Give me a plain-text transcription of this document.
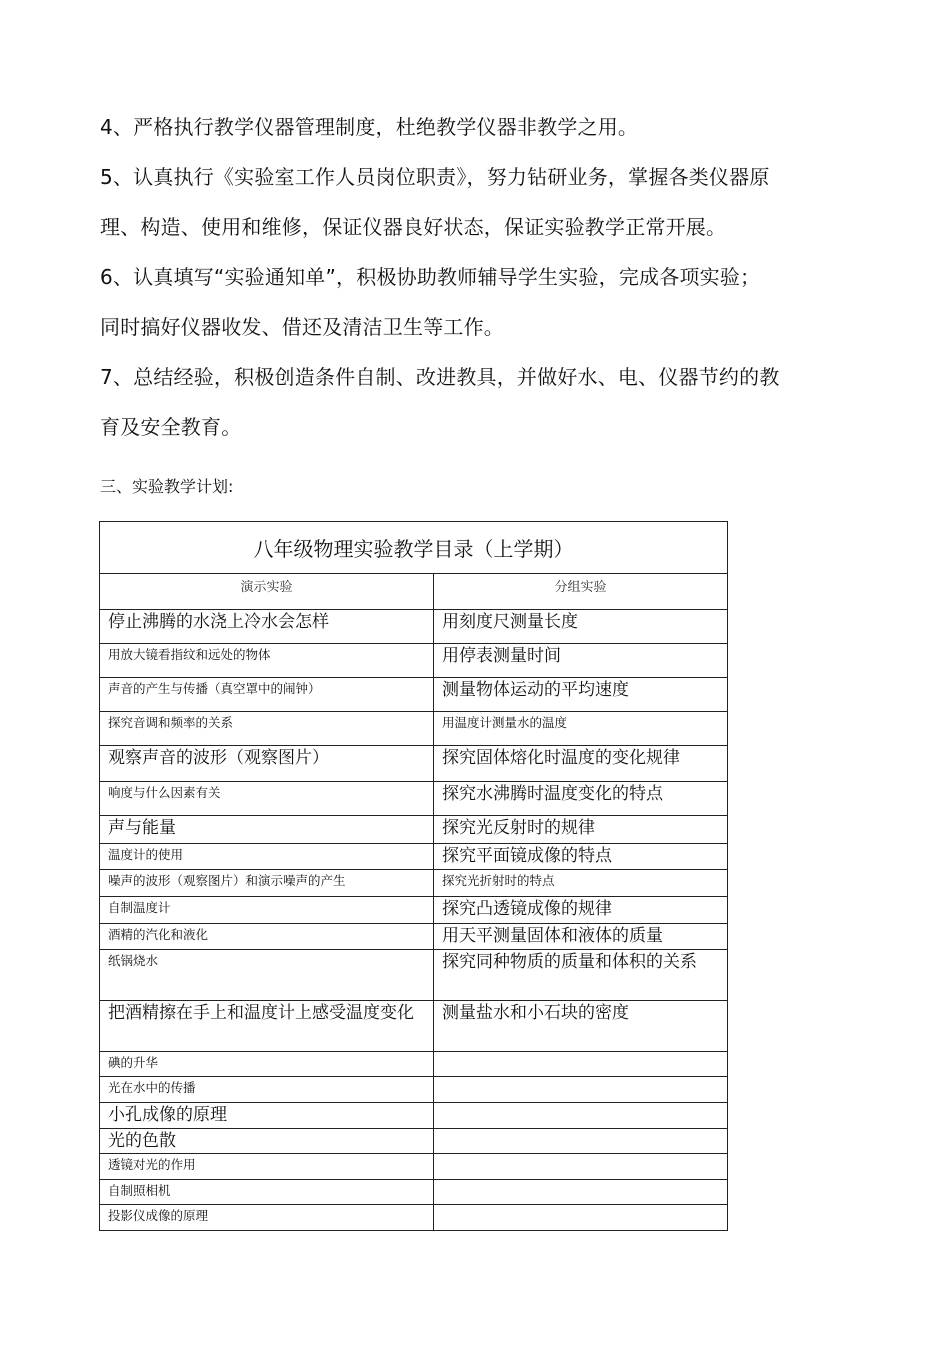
4、严格执行教学仪器管理制度，杜绝教学仪器非教学之用。
5、认真执行《实验室工作人员岗位职责》，努力钻研业务，掌握各类仪器原
理、构造、使用和维修，保证仪器良好状态，保证实验教学正常开展。
6、认真填写“实验通知单”，积极协助教师辅导学生实验，完成各项实验；
同时搞好仪器收发、借还及清洁卫生等工作。
7、总结经验，积极创造条件自制、改进教具，并做好水、电、仪器节约的教
育及安全教育。
三、实验教学计划:
八年级物理实验教学目录（上学期）	
演示实验	分组实验
停止沸腾的水浇上冷水会怎样	用刻度尺测量长度
用放大镜看指纹和远处的物体	用停表测量时间
声音的产生与传播（真空罩中的闹钟）	测量物体运动的平均速度
探究音调和频率的关系	用温度计测量水的温度
观察声音的波形（观察图片）	探究固体熔化时温度的变化规律
响度与什么因素有关	探究水沸腾时温度变化的特点
声与能量	探究光反射时的规律
温度计的使用	探究平面镜成像的特点
噪声的波形（观察图片）和演示噪声的产生	探究光折射时的特点
自制温度计	探究凸透镜成像的规律
酒精的汽化和液化	用天平测量固体和液体的质量
纸锅烧水	探究同种物质的质量和体积的关系
把酒精擦在手上和温度计上感受温度变化	测量盐水和小石块的密度
碘的升华	
光在水中的传播	
小孔成像的原理	
光的色散	
透镜对光的作用	
自制照相机	
投影仪成像的原理	
